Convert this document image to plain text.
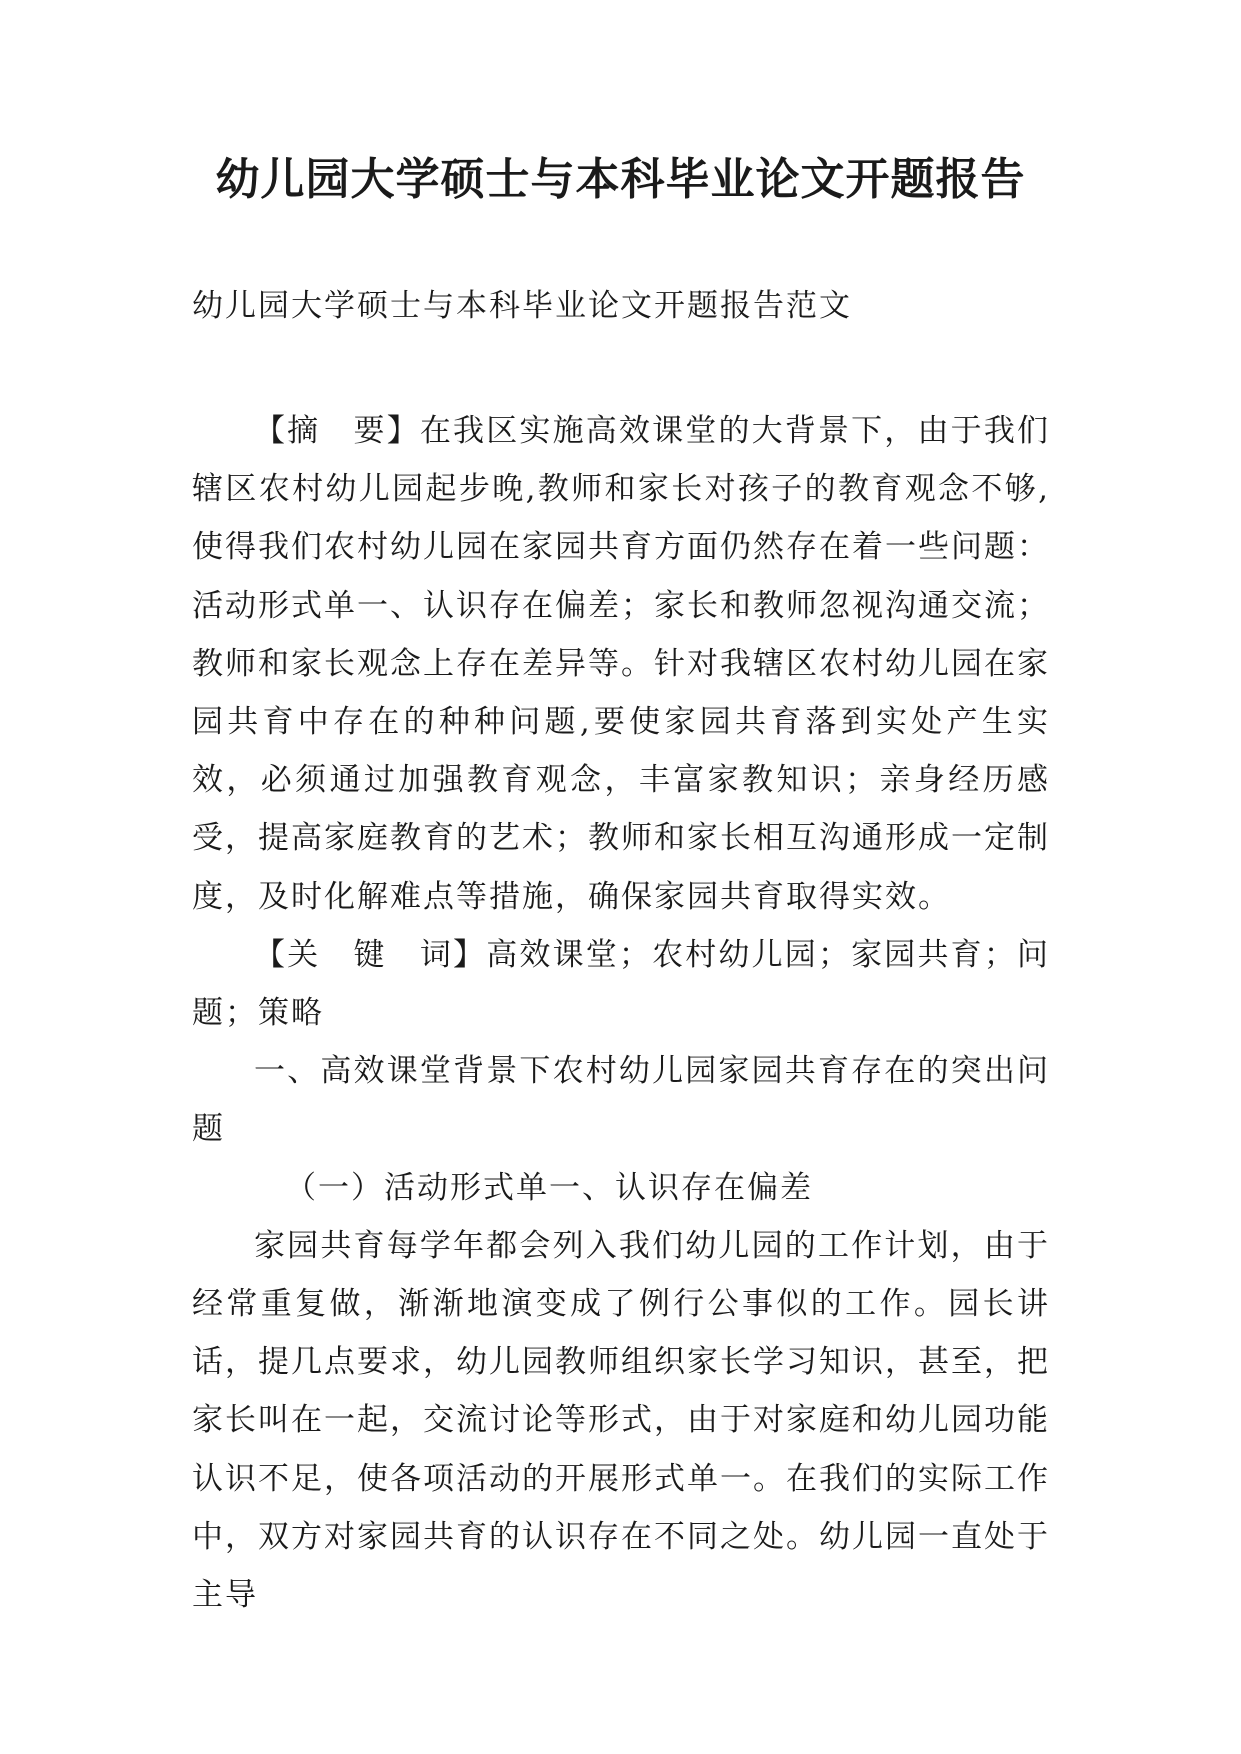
幼儿园大学硕士与本科毕业论文开题报告

幼儿园大学硕士与本科毕业论文开题报告范文

【摘　要】在我区实施高效课堂的大背景下，由于我们辖区农村幼儿园起步晚,教师和家长对孩子的教育观念不够,使得我们农村幼儿园在家园共育方面仍然存在着一些问题：活动形式单一、认识存在偏差；家长和教师忽视沟通交流；教师和家长观念上存在差异等。针对我辖区农村幼儿园在家园共育中存在的种种问题,要使家园共育落到实处产生实效，必须通过加强教育观念，丰富家教知识；亲身经历感受，提高家庭教育的艺术；教师和家长相互沟通形成一定制度，及时化解难点等措施，确保家园共育取得实效。

【关　键　词】高效课堂；农村幼儿园；家园共育；问题；策略

一、高效课堂背景下农村幼儿园家园共育存在的突出问题

（一）活动形式单一、认识存在偏差

家园共育每学年都会列入我们幼儿园的工作计划，由于经常重复做，渐渐地演变成了例行公事似的工作。园长讲话，提几点要求，幼儿园教师组织家长学习知识，甚至，把家长叫在一起，交流讨论等形式，由于对家庭和幼儿园功能认识不足，使各项活动的开展形式单一。在我们的实际工作中，双方对家园共育的认识存在不同之处。幼儿园一直处于主导
